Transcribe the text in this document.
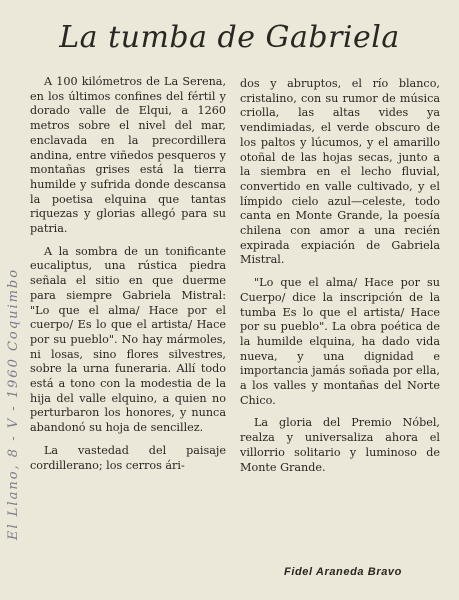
La tumba de Gabriela
El Llano, 8 - V - 1960 Coquimbo

A 100 kilómetros de La Serena, en los últimos confines del fértil y dorado valle de Elqui, a 1260 metros sobre el nivel del mar, enclavada en la precordillera andina, entre viñedos pesqueros y montañas grises está la tierra humilde y sufrida donde descansa la poetisa elquina que tantas riquezas y glorias allegó para su patria.

A la sombra de un tonificante eucaliptus, una rústica piedra señala el sitio en que duerme para siempre Gabriela Mistral: "Lo que el alma/ Hace por el cuerpo/ Es lo que el artista/ Hace por su pueblo". No hay mármoles, ni losas, sino flores silvestres, sobre la urna funeraria. Allí todo está a tono con la modestia de la hija del valle elquino, a quien no perturbaron los honores, y nunca abandonó su hoja de sencillez.

La vastedad del paisaje cordillerano; los cerros ári-

dos y abruptos, el río blanco, cristalino, con su rumor de música criolla, las altas vides ya vendimiadas, el verde obscuro de los paltos y lúcumos, y el amarillo otoñal de las hojas secas, junto a la siembra en el lecho fluvial, convertido en valle cultivado, y el límpido cielo azul—celeste, todo canta en Monte Grande, la poesía chilena con amor a una recién expirada expiación de Gabriela Mistral.

"Lo que el alma/ Hace por su Cuerpo/ dice la inscripción de la tumba Es lo que el artista/ Hace por su pueblo". La obra poética de la humilde elquina, ha dado vida nueva, y una dignidad e importancia jamás soñada por ella, a los valles y montañas del Norte Chico.

La gloria del Premio Nóbel, realza y universaliza ahora el villorrio solitario y luminoso de Monte Grande.

Fidel Araneda Bravo
